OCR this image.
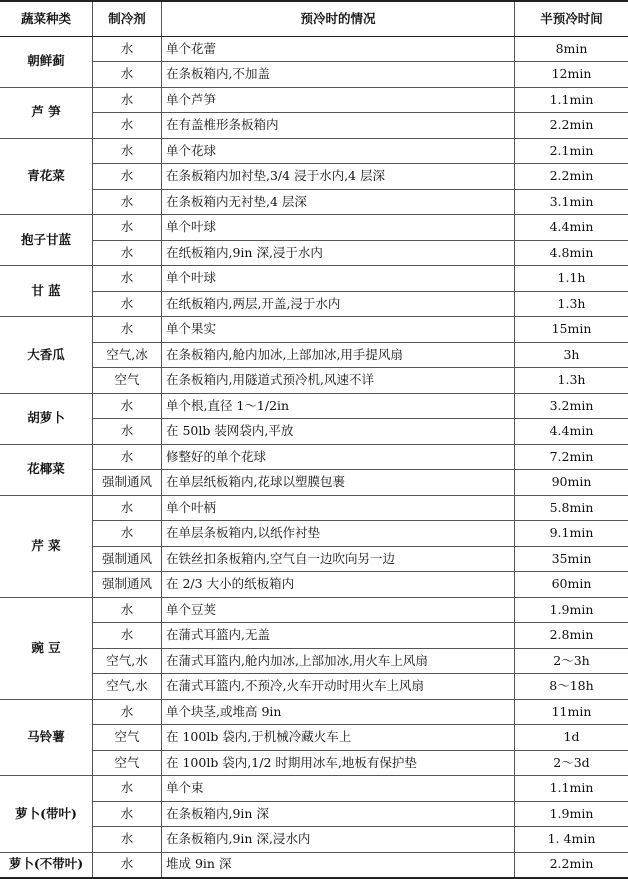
蔬菜种类	制冷剂	预冷时的情况	半预冷时间
朝鲜蓟	水	单个花蕾	8min
	水	在条板箱内,不加盖	12min
芦 笋	水	单个芦笋	1.1min
	水	在有盖椎形条板箱内	2.2min
青花菜	水	单个花球	2.1min
	水	在条板箱内加衬垫,3/4 浸于水内,4 层深	2.2min
	水	在条板箱内无衬垫,4 层深	3.1min
抱子甘蓝	水	单个叶球	4.4min
	水	在纸板箱内,9in 深,浸于水内	4.8min
甘 蓝	水	单个叶球	1.1h
	水	在纸板箱内,两层,开盖,浸于水内	1.3h
大香瓜	水	单个果实	15min
	空气,冰	在条板箱内,舱内加冰,上部加冰,用手提风扇	3h
	空气	在条板箱内,用隧道式预冷机,风速不详	1.3h
胡萝卜	水	单个根,直径 1～1/2in	3.2min
	水	在 50lb 装网袋内,平放	4.4min
花椰菜	水	修整好的单个花球	7.2min
	强制通风	在单层纸板箱内,花球以塑膜包裹	90min
芹 菜	水	单个叶柄	5.8min
	水	在单层条板箱内,以纸作衬垫	9.1min
	强制通风	在铁丝扣条板箱内,空气自一边吹向另一边	35min
	强制通风	在 2/3 大小的纸板箱内	60min
豌 豆	水	单个豆荚	1.9min
	水	在蒲式耳篮内,无盖	2.8min
	空气,水	在蒲式耳篮内,舱内加冰,上部加冰,用火车上风扇	2～3h
	空气,水	在蒲式耳篮内,不预冷,火车开动时用火车上风扇	8～18h
马铃薯	水	单个块茎,或堆高 9in	11min
	空气	在 100lb 袋内,于机械冷藏火车上	1d
	空气	在 100lb 袋内,1/2 时期用冰车,地板有保护垫	2～3d
萝卜(带叶)	水	单个束	1.1min
	水	在条板箱内,9in 深	1.9min
	水	在条板箱内,9in 深,浸水内	1. 4min
萝卜(不带叶)	水	堆成 9in 深	2.2min
